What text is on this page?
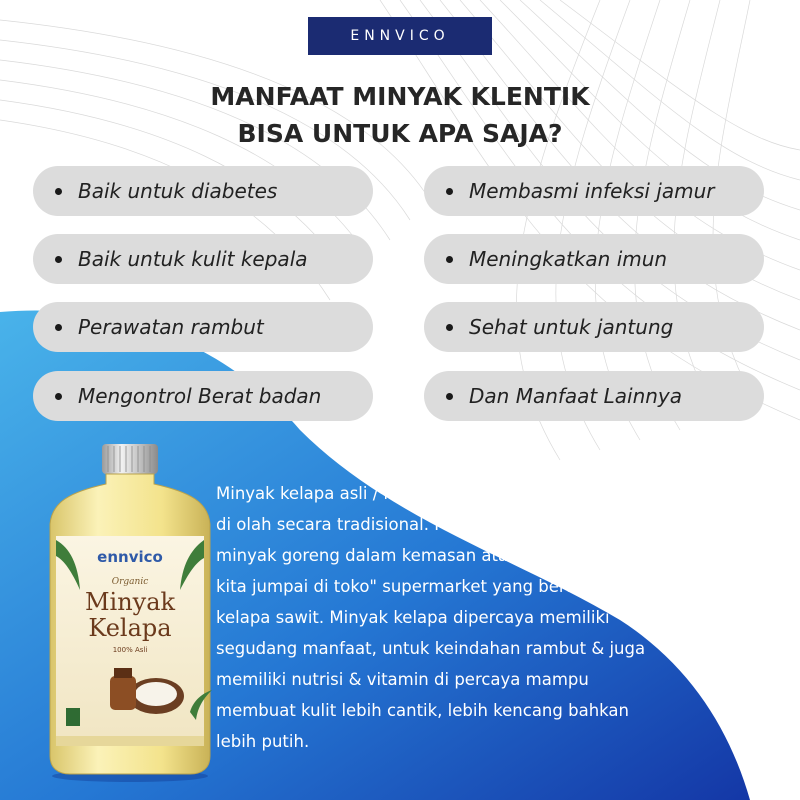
ENNVICO
MANFAAT MINYAK KLENTIK
BISA UNTUK APA SAJA?
Baik untuk diabetes	Membasmi infeksi jamur
Baik untuk kulit kepala	Meningkatkan imun
Perawatan rambut	Sehat untuk jantung
Mengontrol Berat badan	Dan Manfaat Lainnya
ennvico
Organic
Minyak
Kelapa
100% Asli
Minyak kelapa asli / klentik adalah minyak kelapa yang
di olah secara tradisional. Minyak ini berbeda dengan
minyak goreng dalam kemasan atau curah yang biasa
kita jumpai di toko" supermarket yang berasal dari
kelapa sawit. Minyak kelapa dipercaya memiliki
segudang manfaat, untuk keindahan rambut & juga
memiliki nutrisi & vitamin di percaya mampu
membuat kulit lebih cantik, lebih kencang bahkan
lebih putih.
